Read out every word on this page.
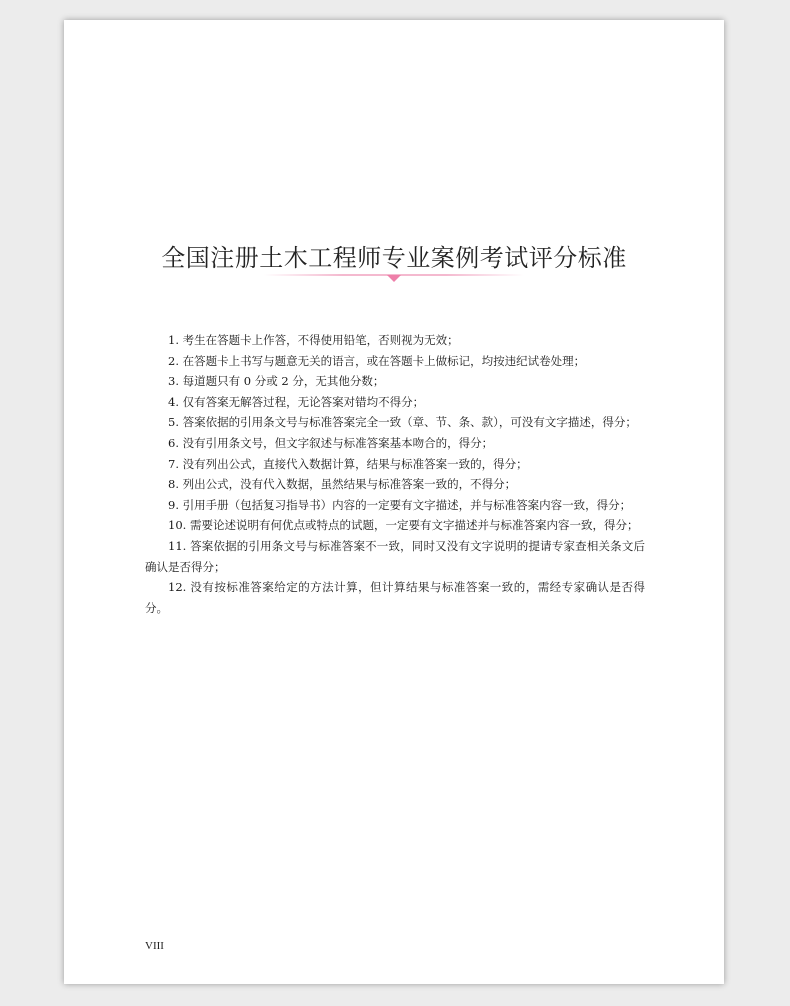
全国注册土木工程师专业案例考试评分标准
1. 考生在答题卡上作答，不得使用铅笔，否则视为无效；
2. 在答题卡上书写与题意无关的语言，或在答题卡上做标记，均按违纪试卷处理；
3. 每道题只有 0 分或 2 分，无其他分数；
4. 仅有答案无解答过程，无论答案对错均不得分；
5. 答案依据的引用条文号与标准答案完全一致（章、节、条、款），可没有文字描述，得分；
6. 没有引用条文号，但文字叙述与标准答案基本吻合的，得分；
7. 没有列出公式，直接代入数据计算，结果与标准答案一致的，得分；
8. 列出公式，没有代入数据，虽然结果与标准答案一致的，不得分；
9. 引用手册（包括复习指导书）内容的一定要有文字描述，并与标准答案内容一致，得分；
10. 需要论述说明有何优点或特点的试题，一定要有文字描述并与标准答案内容一致，得分；
11. 答案依据的引用条文号与标准答案不一致，同时又没有文字说明的提请专家查相关条文后确认是否得分；
12. 没有按标准答案给定的方法计算，但计算结果与标准答案一致的，需经专家确认是否得分。
VIII
